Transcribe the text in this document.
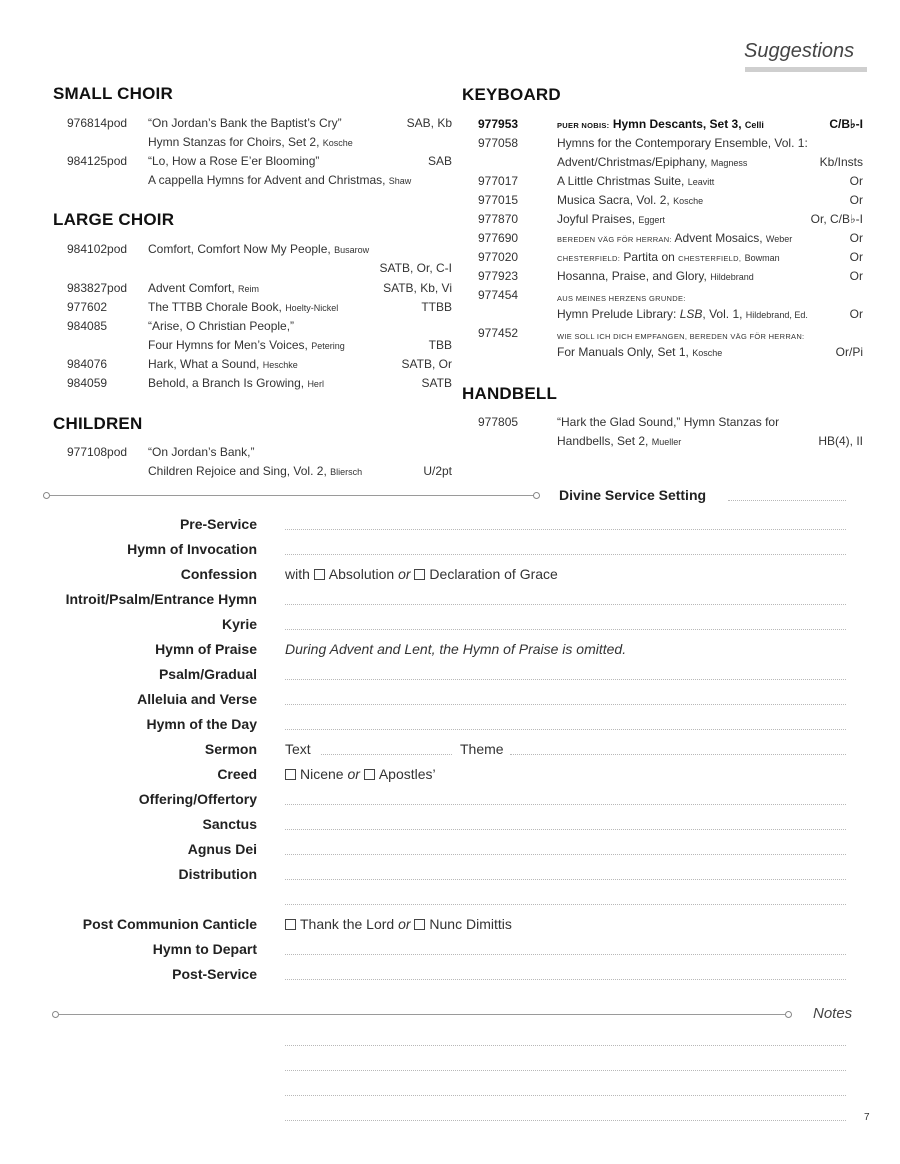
Suggestions
SMALL CHOIR
976814pod “On Jordan’s Bank the Baptist’s Cry”	SAB, Kb
Hymn Stanzas for Choirs, Set 2, Kosche
984125pod “Lo, How a Rose E’er Blooming”	SAB
A cappella Hymns for Advent and Christmas, Shaw
LARGE CHOIR
984102pod Comfort, Comfort Now My People, Busarow
SATB, Or, C-I
983827pod Advent Comfort, Reim	SATB, Kb, Vi
977602	The TTBB Chorale Book, Hoelty-Nickel	TTBB
984085	“Arise, O Christian People,”
Four Hymns for Men’s Voices, Petering	TBB
984076	Hark, What a Sound, Heschke	SATB, Or
984059	Behold, a Branch Is Growing, Herl	SATB
CHILDREN
977108pod “On Jordan’s Bank,”
Children Rejoice and Sing, Vol. 2, Bliersch	U/2pt
KEYBOARD
977953	PUER NOBIS: Hymn Descants, Set 3, Celli	C/B♭-I
977058	Hymns for the Contemporary Ensemble, Vol. 1:
Advent/Christmas/Epiphany, Magness	Kb/Insts
977017	A Little Christmas Suite, Leavitt	Or
977015	Musica Sacra, Vol. 2, Kosche	Or
977870	Joyful Praises, Eggert	Or, C/B♭-I
977690	BEREDEN VÄG FÖR HERRAN: Advent Mosaics, Weber	Or
977020	CHESTERFIELD: Partita on CHESTERFIELD, Bowman	Or
977923	Hosanna, Praise, and Glory, Hildebrand	Or
977454	AUS MEINES HERZENS GRUNDE:
Hymn Prelude Library: LSB, Vol. 1, Hildebrand, Ed.	Or
977452	WIE SOLL ICH DICH EMPFANGEN, BEREDEN VÄG FÖR HERRAN:
For Manuals Only, Set 1, Kosche	Or/Pi
HANDBELL
977805	“Hark the Glad Sound,” Hymn Stanzas for
Handbells, Set 2, Mueller	HB(4), II
Divine Service Setting
Pre-Service
Hymn of Invocation
Confession with Absolution or Declaration of Grace
Introit/Psalm/Entrance Hymn
Kyrie
Hymn of Praise During Advent and Lent, the Hymn of Praise is omitted.
Psalm/Gradual
Alleluia and Verse
Hymn of the Day
Sermon Text	Theme
Creed	Nicene or Apostles’
Offering/Offertory
Sanctus
Agnus Dei
Distribution
Post Communion Canticle	Thank the Lord or Nunc Dimittis
Hymn to Depart
Post-Service
Notes
7
